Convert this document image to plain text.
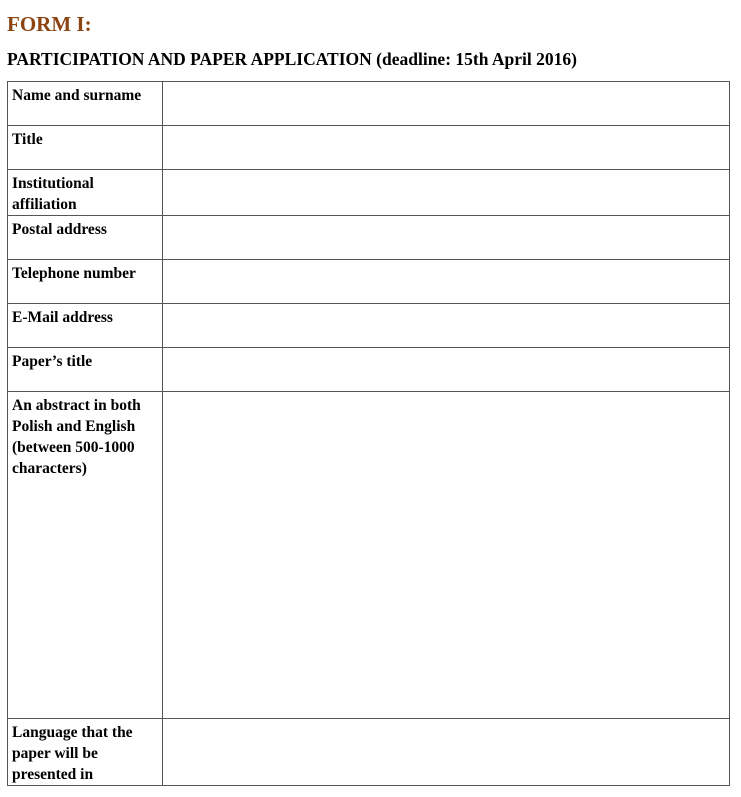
FORM I:
PARTICIPATION AND PAPER APPLICATION (deadline: 15th April 2016)
Name and surname	

Title	

Institutional affiliation	

Postal address	

Telephone number	

E-Mail address	

Paper’s title	

An abstract in both Polish and English (between 500-1000 characters)	

Language that the paper will be presented in	
